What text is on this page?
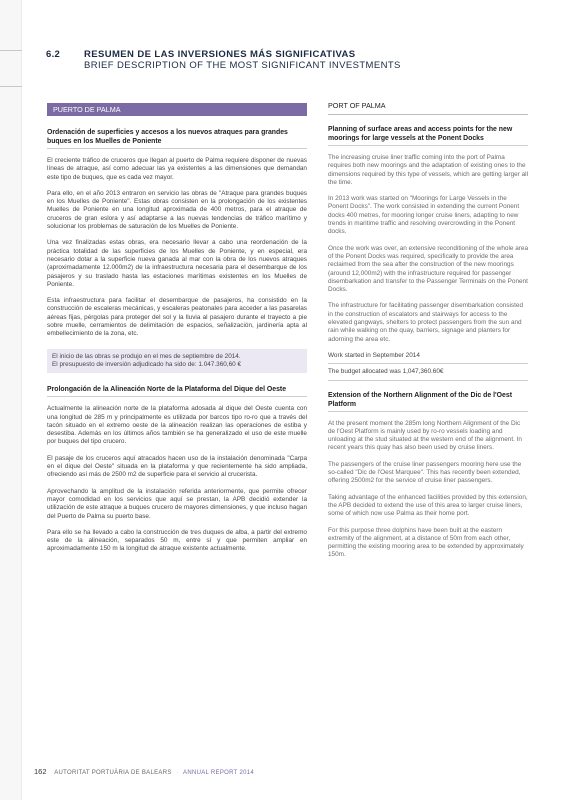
6.2	RESUMEN DE LAS INVERSIONES MÁS SIGNIFICATIVAS
BRIEF DESCRIPTION OF THE MOST SIGNIFICANT INVESTMENTS
PUERTO DE PALMA
Ordenación de superficies y accesos a los nuevos atraques para grandes buques en los Muelles de Poniente

El creciente tráfico de cruceros que llegan al puerto de Palma requiere disponer de nuevas líneas de atraque, así como adecuar las ya existentes a las dimensiones que demandan este tipo de buques, que es cada vez mayor.

Para ello, en el año 2013 entraron en servicio las obras de "Atraque para grandes buques en los Muelles de Poniente". Estas obras consisten en la prolongación de los existentes Muelles de Poniente en una longitud aproximada de 400 metros, para el atraque de cruceros de gran eslora y así adaptarse a las nuevas tendencias de tráfico marítimo y solucionar los problemas de saturación de los Muelles de Poniente.

Una vez finalizadas estas obras, era necesario llevar a cabo una reordenación de la práctica totalidad de las superficies de los Muelles de Poniente, y en especial, era necesario dotar a la superficie nueva ganada al mar con la obra de los nuevos atraques (aproximadamente 12.000m2) de la infraestructura necesaria para el desembarque de los pasajeros y su traslado hasta las estaciones marítimas existentes en los Muelles de Poniente.

Esta infraestructura para facilitar el desembarque de pasajeros, ha consistido en la construcción de escaleras mecánicas, y escaleras peatonales para acceder a las pasarelas aéreas fijas, pérgolas para proteger del sol y la lluvia al pasajero durante el trayecto a pie sobre muelle, cerramientos de delimitación de espacios, señalización, jardinería apta al embellecimiento de la zona, etc.

El inicio de las obras se produjo en el mes de septiembre de 2014.
El presupuesto de inversión adjudicado ha sido de: 1.047.360,60 €
Prolongación de la Alineación Norte de la Plataforma del Dique del Oeste

Actualmente la alineación norte de la plataforma adosada al dique del Oeste cuenta con una longitud de 285 m y principalmente es utilizada por barcos tipo ro-ro que a través del tacón situado en el extremo oeste de la alineación realizan las operaciones de estiba y desestiba. Además en los últimos años también se ha generalizado el uso de este muelle por buques del tipo crucero.

El pasaje de los cruceros aquí atracados hacen uso de la instalación denominada "Carpa en el dique del Oeste" situada en la plataforma y que recientemente ha sido ampliada, ofreciendo así más de 2500 m2 de superficie para el servicio al crucerista.

Aprovechando la amplitud de la instalación referida anteriormente, que permite ofrecer mayor comodidad en los servicios que aquí se prestan, la APB decidió extender la utilización de este atraque a buques crucero de mayores dimensiones, y que incluso hagan del Puerto de Palma su puerto base.

Para ello se ha llevado a cabo la construcción de tres duques de alba, a partir del extremo este de la alineación, separados 50 m, entre sí y que permiten ampliar en aproximadamente 150 m la longitud de atraque existente actualmente.

PORT OF PALMA
Planning of surface areas and access points for the new moorings for large vessels at the Ponent Docks

The increasing cruise liner traffic coming into the port of Palma requires both new moorings and the adaptation of existing ones to the dimensions required by this type of vessels, which are getting larger all the time.

In 2013 work was started on "Moorings for Large Vessels in the Ponent Docks". The work consisted in extending the current Ponent docks 400 metres, for mooring longer cruise liners, adapting to new trends in maritime traffic and resolving overcrowding in the Ponent docks.

Once the work was over, an extensive reconditioning of the whole area of the Ponent Docks was required, specifically to provide the area reclaimed from the sea after the construction of the new moorings (around 12,000m2) with the infrastructure required for passenger disembarkation and transfer to the Passenger Terminals on the Ponent Docks.

The infrastructure for facilitating passenger disembarkation consisted in the construction of escalators and stairways for access to the elevated gangways, shelters to protect passengers from the sun and rain while walking on the quay, barriers, signage and planters for adorning the area etc.

Work started in September 2014
The budget allocated was 1,047,360.60€
Extension of the Northern Alignment of the Dic de l'Oest Platform

At the present moment the 285m long Northern Alignment of the Dic de l'Oest Platform is mainly used by ro-ro vessels loading and unloading at the stud situated at the western end of the alignment. In recent years this quay has also been used by cruise liners.

The passengers of the cruise liner passengers mooring here use the so-called "Dic de l'Oest Marquee". This has recently been extended, offering 2500m2 for the service of cruise liner passengers.

Taking advantage of the enhanced facilities provided by this extension, the APB decided to extend the use of this area to larger cruise liners, some of which now use Palma as their home port.

For this purpose three dolphins have been built at the eastern extremity of the alignment, at a distance of 50m from each other, permitting the existing mooring area to be extended by approximately 150m.

162 AUTORITAT PORTUÀRIA DE BALEARS · ANNUAL REPORT 2014
